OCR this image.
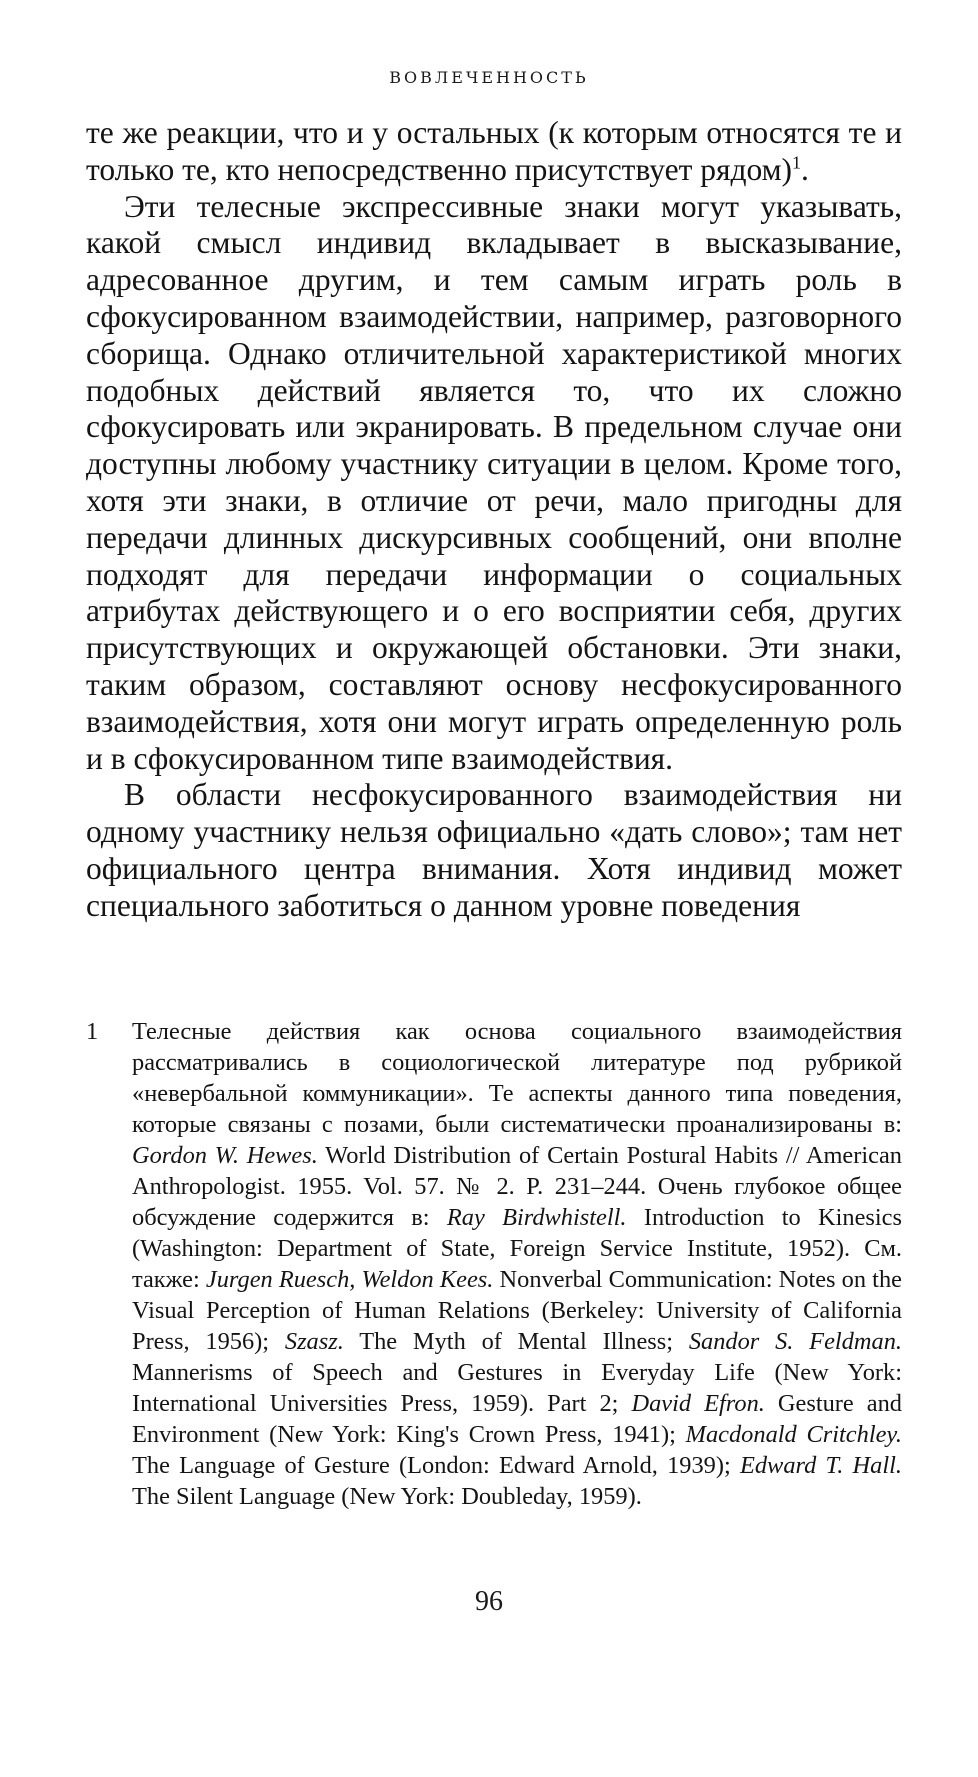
ВОВЛЕЧЕННОСТЬ

те же реакции, что и у остальных (к которым относятся те и только те, кто непосредственно присутствует рядом)$^1$.

Эти телесные экспрессивные знаки могут указывать, какой смысл индивид вкладывает в высказывание, адресованное другим, и тем самым играть роль в сфокусированном взаимодействии, например, разговорного сборища. Однако отличительной характеристикой многих подобных действий является то, что их сложно сфокусировать или экранировать. В предельном случае они доступны любому участнику ситуации в целом. Кроме того, хотя эти знаки, в отличие от речи, мало пригодны для передачи длинных дискурсивных сообщений, они вполне подходят для передачи информации о социальных атрибутах действующего и о его восприятии себя, других присутствующих и окружающей обстановки. Эти знаки, таким образом, составляют основу несфокусированного взаимодействия, хотя они могут играть определенную роль и в сфокусированном типе взаимодействия.

В области несфокусированного взаимодействия ни одному участнику нельзя официально «дать слово»; там нет официального центра внимания. Хотя индивид может специального заботиться о данном уровне поведения

1	Телесные действия как основа социального взаимодействия рассматривались в социологической литературе под рубрикой «невербальной коммуникации». Те аспекты данного типа поведения, которые связаны с позами, были систематически проанализированы в: Gordon W. Hewes. World Distribution of Certain Postural Habits // American Anthropologist. 1955. Vol. 57. № 2. P. 231–244. Очень глубокое общее обсуждение содержится в: Ray Birdwhistell. Introduction to Kinesics (Washington: Department of State, Foreign Service Institute, 1952). См. также: Jurgen Ruesch, Weldon Kees. Nonverbal Communication: Notes on the Visual Perception of Human Relations (Berkeley: University of California Press, 1956); Szasz. The Myth of Mental Illness; Sandor S. Feldman. Mannerisms of Speech and Gestures in Everyday Life (New York: International Universities Press, 1959). Part 2; David Efron. Gesture and Environment (New York: King's Crown Press, 1941); Macdonald Critchley. The Language of Gesture (London: Edward Arnold, 1939); Edward T. Hall. The Silent Language (New York: Doubleday, 1959).
96
